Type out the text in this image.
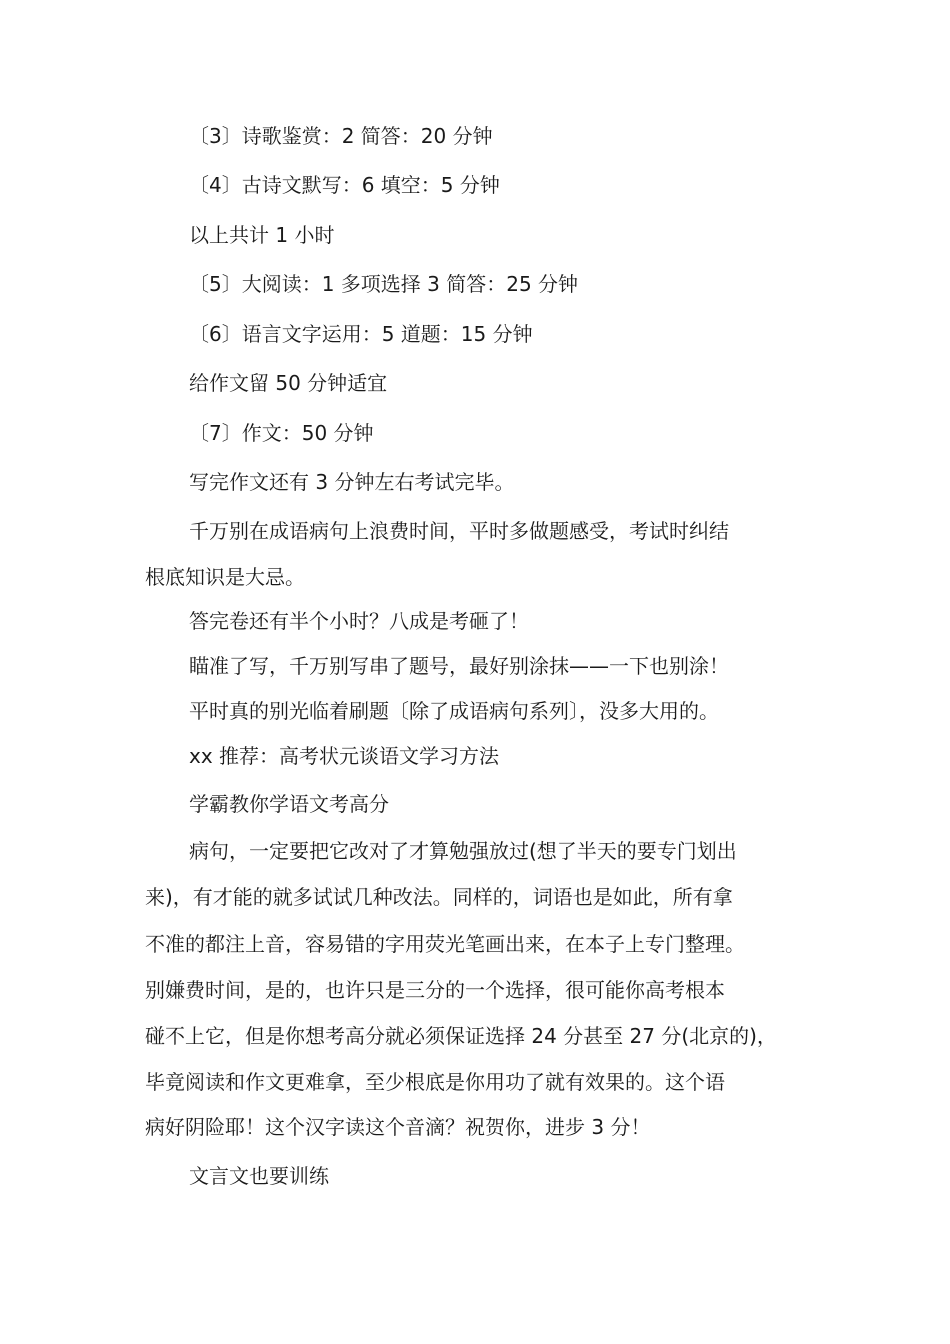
〔3〕诗歌鉴赏：2 简答：20 分钟

〔4〕古诗文默写：6 填空：5 分钟

以上共计 1 小时

〔5〕大阅读：1 多项选择 3 简答：25 分钟

〔6〕语言文字运用：5 道题：15 分钟

给作文留 50 分钟适宜

〔7〕作文：50 分钟

写完作文还有 3 分钟左右考试完毕。

千万别在成语病句上浪费时间，平时多做题感受，考试时纠结

根底知识是大忌。

答完卷还有半个小时？八成是考砸了！

瞄准了写，千万别写串了题号，最好别涂抹——一下也别涂！

平时真的别光临着刷题〔除了成语病句系列〕，没多大用的。

xx 推荐：高考状元谈语文学习方法

学霸教你学语文考高分

病句，一定要把它改对了才算勉强放过(想了半天的要专门划出

来)，有才能的就多试试几种改法。同样的，词语也是如此，所有拿

不准的都注上音，容易错的字用荧光笔画出来，在本子上专门整理。

别嫌费时间，是的，也许只是三分的一个选择，很可能你高考根本

碰不上它，但是你想考高分就必须保证选择 24 分甚至 27 分(北京的)，

毕竟阅读和作文更难拿，至少根底是你用功了就有效果的。这个语

病好阴险耶！这个汉字读这个音滴？祝贺你，进步 3 分！

文言文也要训练
